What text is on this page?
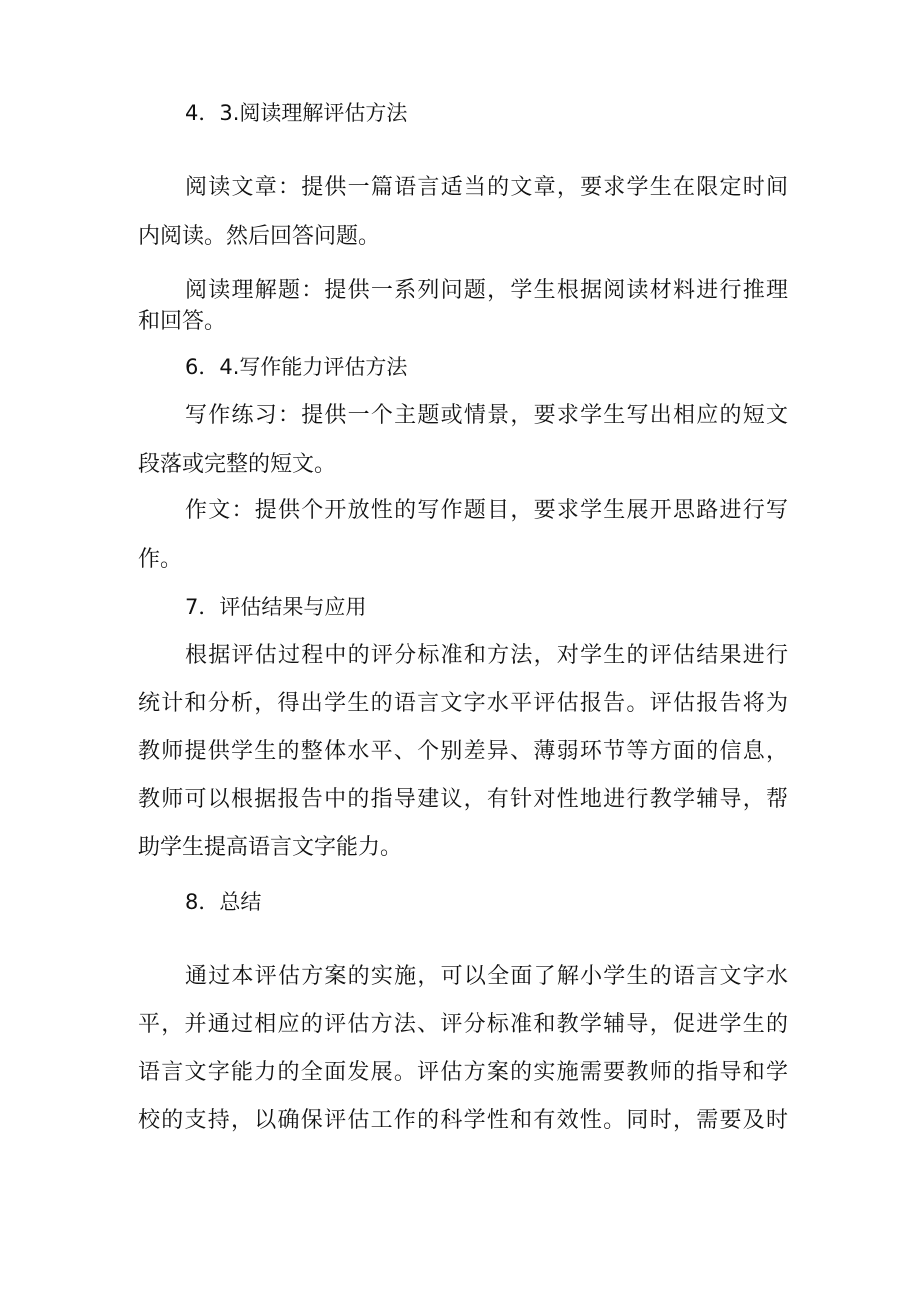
4．3.阅读理解评估方法
阅读文章：提供一篇语言适当的文章，要求学生在限定时间
内阅读。然后回答问题。
阅读理解题：提供一系列问题，学生根据阅读材料进行推理
和回答。
6．4.写作能力评估方法
写作练习：提供一个主题或情景，要求学生写出相应的短文
段落或完整的短文。
作文：提供个开放性的写作题目，要求学生展开思路进行写
作。
7．评估结果与应用
根据评估过程中的评分标准和方法，对学生的评估结果进行
统计和分析，得出学生的语言文字水平评估报告。评估报告将为
教师提供学生的整体水平、个别差异、薄弱环节等方面的信息，
教师可以根据报告中的指导建议，有针对性地进行教学辅导，帮
助学生提高语言文字能力。
8．总结
通过本评估方案的实施，可以全面了解小学生的语言文字水
平，并通过相应的评估方法、评分标准和教学辅导，促进学生的
语言文字能力的全面发展。评估方案的实施需要教师的指导和学
校的支持，以确保评估工作的科学性和有效性。同时，需要及时
